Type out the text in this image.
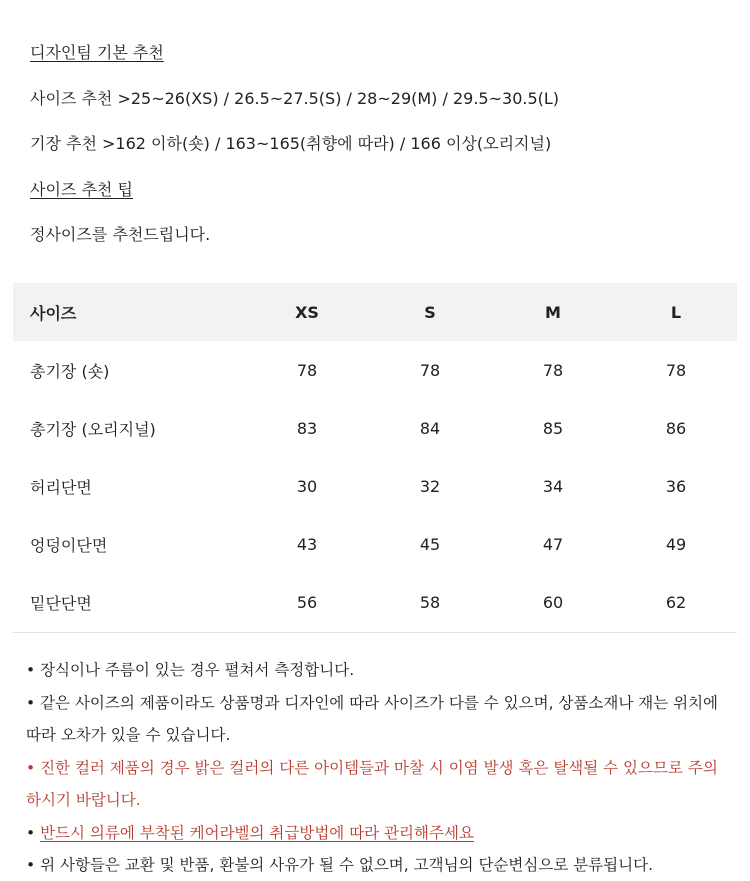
디자인팀 기본 추천
사이즈 추천 >25~26(XS) / 26.5~27.5(S) / 28~29(M) / 29.5~30.5(L)
기장 추천 >162 이하(숏) / 163~165(취향에 따라) / 166 이상(오리지널)
사이즈 추천 팁
정사이즈를 추천드립니다.
사이즈	XS	S	M	L
총기장 (숏)	78	78	78	78
총기장 (오리지널)	83	84	85	86
허리단면	30	32	34	36
엉덩이단면	43	45	47	49
밑단단면	56	58	60	62
• 장식이나 주름이 있는 경우 펼쳐서 측정합니다.
• 같은 사이즈의 제품이라도 상품명과 디자인에 따라 사이즈가 다를 수 있으며, 상품소재나 재는 위치에 따라 오차가 있을 수 있습니다.
• 진한 컬러 제품의 경우 밝은 컬러의 다른 아이템들과 마찰 시 이염 발생 혹은 탈색될 수 있으므로 주의하시기 바랍니다.
• 반드시 의류에 부착된 케어라벨의 취급방법에 따라 관리해주세요
• 위 사항들은 교환 및 반품, 환불의 사유가 될 수 없으며, 고객님의 단순변심으로 분류됩니다.
